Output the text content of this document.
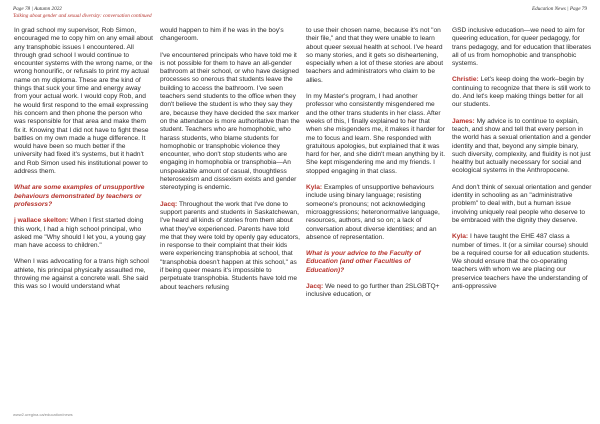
Page 78 | Autumn 2022	Education News | Page 79
Talking about gender and sexual diversity: conversation continued

In grad school my supervisor, Rob Simon, encouraged me to copy him on any email about any transphobic issues I encountered. All through grad school I would continue to encounter systems with the wrong name, or the wrong honourific, or refusals to print my actual name on my diploma. These are the kind of things that suck your time and energy away from your actual work. I would copy Rob, and he would first respond to the email expressing his concern and then phone the person who was responsible for that area and make them fix it. Knowing that I did not have to fight these battles on my own made a huge difference. It would have been so much better if the university had fixed it's systems, but it hadn't and Rob Simon used his institutional power to address them.

What are some examples of unsupportive behaviours demonstrated by teachers or professors?

j wallace skelton: When I first started doing this work, I had a high school principal, who asked me "Why should I let you, a young gay man have access to children."

When I was advocating for a trans high school athlete, his principal physically assaulted me, throwing me against a concrete wall. She said this was so I would understand what

would happen to him if he was in the boy's changeroom.

I've encountered principals who have told me it is not possible for them to have an all-gender bathroom at their school, or who have designed processes so onerous that students leave the building to access the bathroom. I've seen teachers send students to the office when they don't believe the student is who they say they are, because they have decided the sex marker on the attendance is more authoritative than the student. Teachers who are homophobic, who harass students, who blame students for homophobic or transphobic violence they encounter, who don't stop students who are engaging in homophobia or transphobia—An unspeakable amount of casual, thoughtless heterosexism and cissexism exists and gender stereotyping is endemic.

Jacq: Throughout the work that I've done to support parents and students in Saskatchewan, I've heard all kinds of stories from them about what they've experienced. Parents have told me that they were told by openly gay educators, in response to their complaint that their kids were experiencing transphobia at school, that "transphobia doesn't happen at this school," as if being queer means it's impossible to perpetuate transphobia. Students have told me about teachers refusing

to use their chosen name, because it's not "on their file," and that they were unable to learn about queer sexual health at school. I've heard so many stories, and it gets so disheartening, especially when a lot of these stories are about teachers and administrators who claim to be allies.

In my Master's program, I had another professor who consistently misgendered me and the other trans students in her class. After weeks of this, I finally explained to her that when she misgenders me, it makes it harder for me to focus and learn. She responded with gratuitous apologies, but explained that it was hard for her, and she didn't mean anything by it. She kept misgendering me and my friends. I stopped engaging in that class.

Kyla: Examples of unsupportive behaviours include using binary language; resisting someone's pronouns; not acknowledging microaggressions; heteronormative language, resources, authors, and so on; a lack of conversation about diverse identities; and an absence of representation.

What is your advice to the Faculty of Education (and other Faculties of Education)?

Jacq: We need to go further than 2SLGBTQ+ inclusive education, or

GSD inclusive education—we need to aim for queering education, for queer pedagogy, for trans pedagogy, and for education that liberates all of us from homophobic and transphobic systems.

Christie: Let's keep doing the work–begin by continuing to recognize that there is still work to do. And let's keep making things better for all our students.

James: My advice is to continue to explain, teach, and show and tell that every person in the world has a sexual orientation and a gender identity and that, beyond any simple binary, such diversity, complexity, and fluidity is not just healthy but actually necessary for social and ecological systems in the Anthropocene.

And don't think of sexual orientation and gender identity in schooling as an "administrative problem" to deal with, but a human issue involving uniquely real people who deserve to be embraced with the dignity they deserve.

Kyla: I have taught the EHE 487 class a number of times. It (or a similar course) should be a required course for all education students. We should ensure that the co-operating teachers with whom we are placing our preservice teachers have the understanding of anti-oppressive

www2.uregina.ca/education/news
